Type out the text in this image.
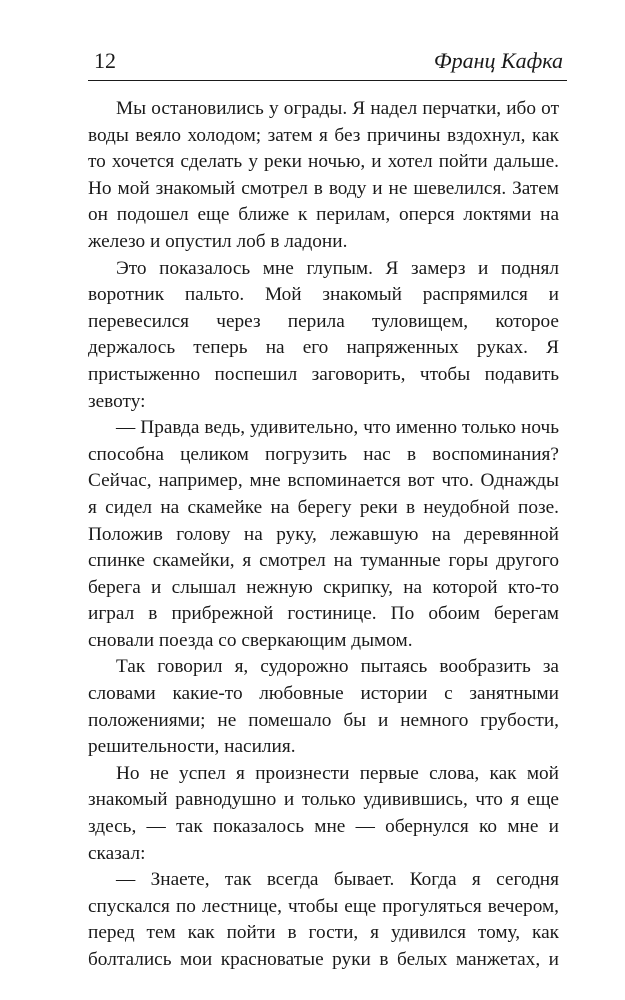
12	Франц Кафка

Мы остановились у ограды. Я надел перчатки, ибо от воды веяло холодом; затем я без причины вздохнул, как то хочется сделать у реки ночью, и хотел пойти дальше. Но мой знакомый смотрел в воду и не шевелился. Затем он подошел еще ближе к перилам, оперся локтями на железо и опустил лоб в ладони.

Это показалось мне глупым. Я замерз и поднял воротник пальто. Мой знакомый распрямился и перевесился через перила туловищем, которое держалось теперь на его напряженных руках. Я пристыженно поспешил заговорить, чтобы подавить зевоту:

— Правда ведь, удивительно, что именно только ночь способна целиком погрузить нас в воспоминания? Сейчас, например, мне вспоминается вот что. Однажды я сидел на скамейке на берегу реки в неудобной позе. Положив голову на руку, лежавшую на деревянной спинке скамейки, я смотрел на туманные горы другого берега и слышал нежную скрипку, на которой кто-то играл в прибрежной гостинице. По обоим берегам сновали поезда со сверкающим дымом.

Так говорил я, судорожно пытаясь вообразить за словами какие-то любовные истории с занятными положениями; не помешало бы и немного грубости, решительности, насилия.

Но не успел я произнести первые слова, как мой знакомый равнодушно и только удивившись, что я еще здесь, — так показалось мне — обернулся ко мне и сказал:

— Знаете, так всегда бывает. Когда я сегодня спускался по лестнице, чтобы еще прогуляться вечером, перед тем как пойти в гости, я удивился тому, как болтались мои красноватые руки в белых манжетах, и
